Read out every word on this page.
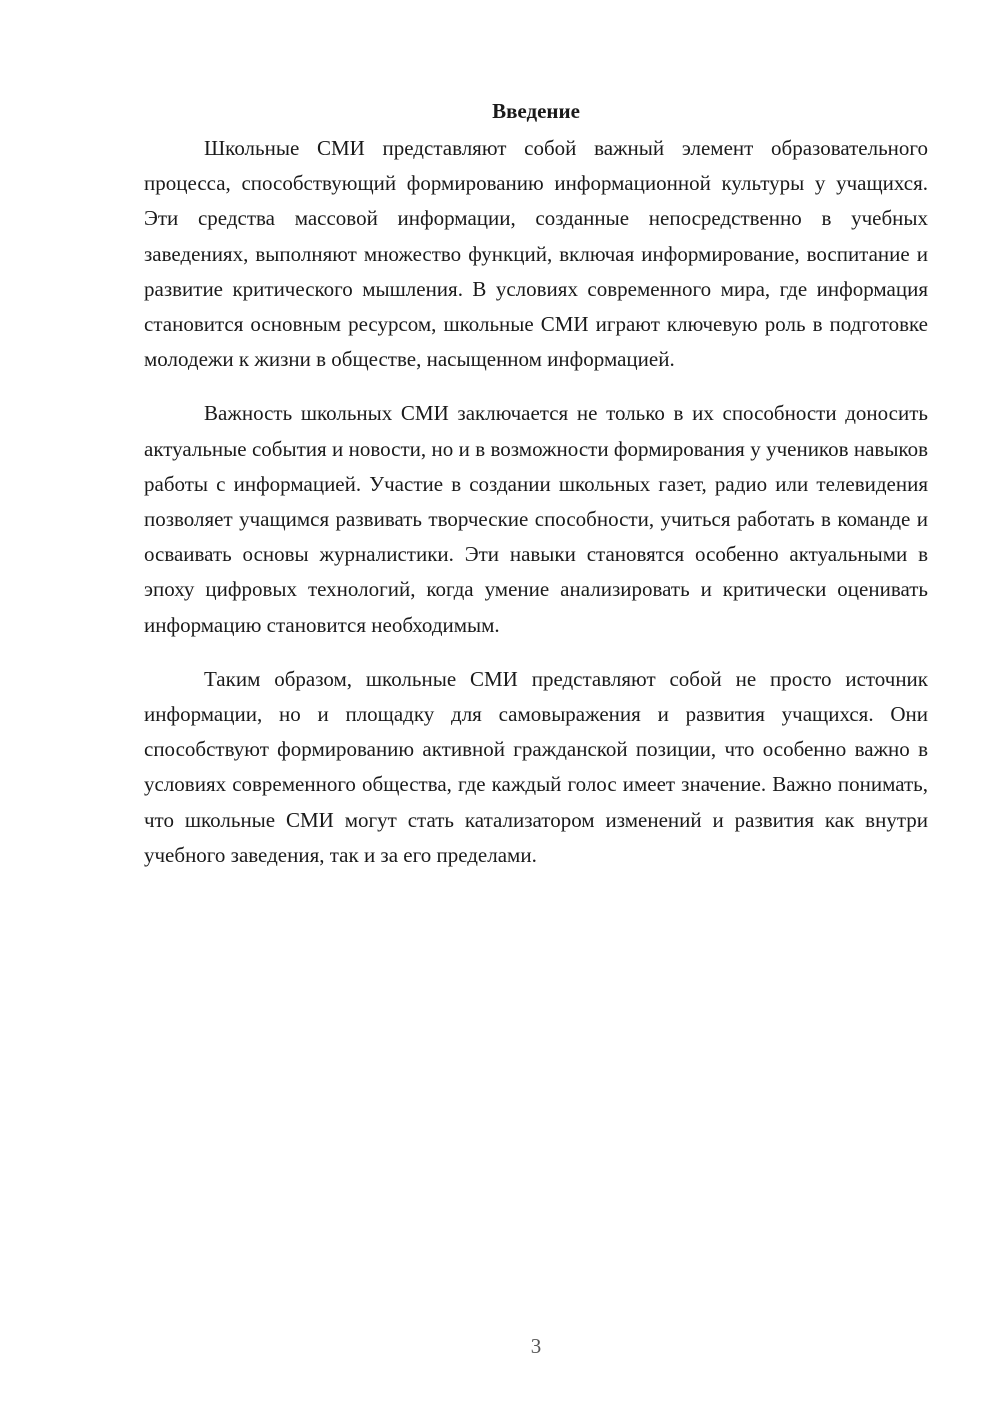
Введение

Школьные СМИ представляют собой важный элемент образовательного процесса, способствующий формированию информационной культуры у учащихся. Эти средства массовой информации, созданные непосредственно в учебных заведениях, выполняют множество функций, включая информирование, воспитание и развитие критического мышления. В условиях современного мира, где информация становится основным ресурсом, школьные СМИ играют ключевую роль в подготовке молодежи к жизни в обществе, насыщенном информацией.

Важность школьных СМИ заключается не только в их способности доносить актуальные события и новости, но и в возможности формирования у учеников навыков работы с информацией. Участие в создании школьных газет, радио или телевидения позволяет учащимся развивать творческие способности, учиться работать в команде и осваивать основы журналистики. Эти навыки становятся особенно актуальными в эпоху цифровых технологий, когда умение анализировать и критически оценивать информацию становится необходимым.

Таким образом, школьные СМИ представляют собой не просто источник информации, но и площадку для самовыражения и развития учащихся. Они способствуют формированию активной гражданской позиции, что особенно важно в условиях современного общества, где каждый голос имеет значение. Важно понимать, что школьные СМИ могут стать катализатором изменений и развития как внутри учебного заведения, так и за его пределами.

3
